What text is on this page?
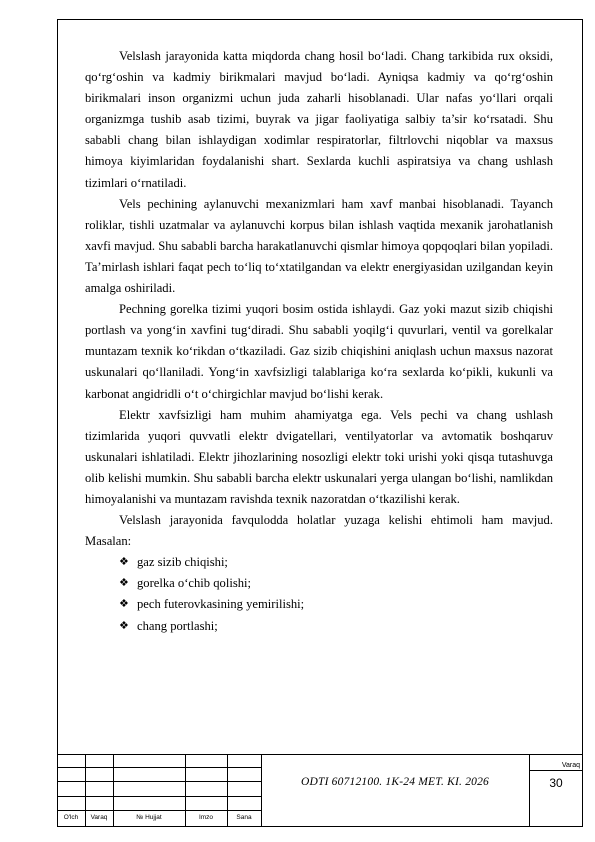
Velslash jarayonida katta miqdorda chang hosil bo‘ladi. Chang tarkibida rux oksidi, qo‘rg‘oshin va kadmiy birikmalari mavjud bo‘ladi. Ayniqsa kadmiy va qo‘rg‘oshin birikmalari inson organizmi uchun juda zaharli hisoblanadi. Ular nafas yo‘llari orqali organizmga tushib asab tizimi, buyrak va jigar faoliyatiga salbiy ta’sir ko‘rsatadi. Shu sababli chang bilan ishlaydigan xodimlar respiratorlar, filtrlovchi niqoblar va maxsus himoya kiyimlaridan foydalanishi shart. Sexlarda kuchli aspiratsiya va chang ushlash tizimlari o‘rnatiladi.

Vels pechining aylanuvchi mexanizmlari ham xavf manbai hisoblanadi. Tayanch roliklar, tishli uzatmalar va aylanuvchi korpus bilan ishlash vaqtida mexanik jarohatlanish xavfi mavjud. Shu sababli barcha harakatlanuvchi qismlar himoya qopqoqlari bilan yopiladi. Ta’mirlash ishlari faqat pech to‘liq to‘xtatilgandan va elektr energiyasidan uzilgandan keyin amalga oshiriladi.

Pechning gorelka tizimi yuqori bosim ostida ishlaydi. Gaz yoki mazut sizib chiqishi portlash va yong‘in xavfini tug‘diradi. Shu sababli yoqilg‘i quvurlari, ventil va gorelkalar muntazam texnik ko‘rikdan o‘tkaziladi. Gaz sizib chiqishini aniqlash uchun maxsus nazorat uskunalari qo‘llaniladi. Yong‘in xavfsizligi talablariga ko‘ra sexlarda ko‘pikli, kukunli va karbonat angidridli o‘t o‘chirgichlar mavjud bo‘lishi kerak.

Elektr xavfsizligi ham muhim ahamiyatga ega. Vels pechi va chang ushlash tizimlarida yuqori quvvatli elektr dvigatellari, ventilyatorlar va avtomatik boshqaruv uskunalari ishlatiladi. Elektr jihozlarining nosozligi elektr toki urishi yoki qisqa tutashuvga olib kelishi mumkin. Shu sababli barcha elektr uskunalari yerga ulangan bo‘lishi, namlikdan himoyalanishi va muntazam ravishda texnik nazoratdan o‘tkazilishi kerak.

Velslash jarayonida favqulodda holatlar yuzaga kelishi ehtimoli ham mavjud. Masalan:

❖ gaz sizib chiqishi;
❖ gorelka o‘chib qolishi;
❖ pech futerovkasining yemirilishi;
❖ chang portlashi;
O'lch	Varaq	№ Hujjat	Imzo	Sana
ODTI 60712100. 1K-24 MET. KI. 2026
Varaq
30
